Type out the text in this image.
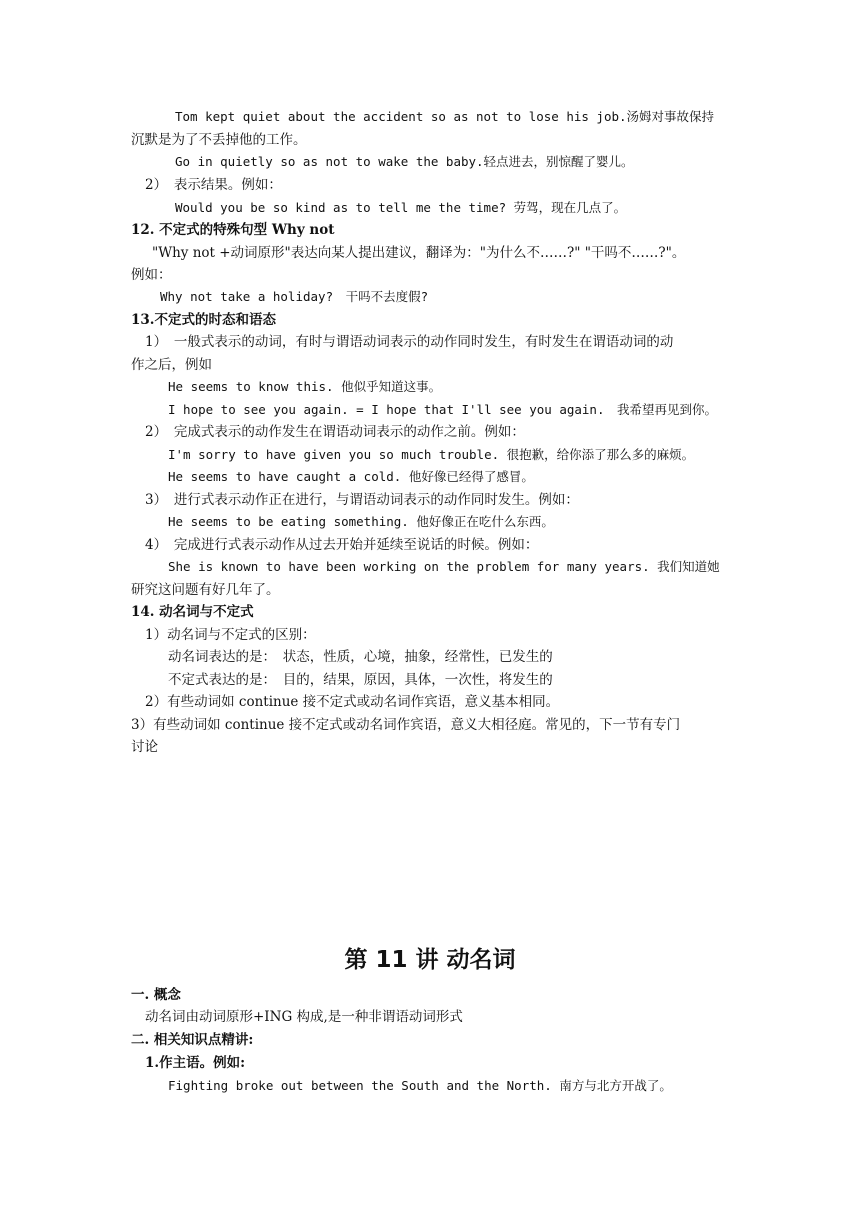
Tom kept quiet about the accident so as not to lose his job.汤姆对事故保持
沉默是为了不丢掉他的工作。
Go in quietly so as not to wake the baby.轻点进去，别惊醒了婴儿。
2）　表示结果。例如：
Would you be so kind as to tell me the time? 劳驾，现在几点了。
12. 不定式的特殊句型 Why not
"Why not +动词原形"表达向某人提出建议，翻译为："为什么不……?" "干吗不……?"。
例如：
Why not take a holiday?　干吗不去度假?
13.不定式的时态和语态
1）　一般式表示的动词，有时与谓语动词表示的动作同时发生，有时发生在谓语动词的动
作之后，例如
He seems to know this. 他似乎知道这事。
I hope to see you again. = I hope that I'll see you again.　我希望再见到你。
2）　完成式表示的动作发生在谓语动词表示的动作之前。例如：
I'm sorry to have given you so much trouble. 很抱歉，给你添了那么多的麻烦。
He seems to have caught a cold. 他好像已经得了感冒。
3）　进行式表示动作正在进行，与谓语动词表示的动作同时发生。例如：
He seems to be eating something. 他好像正在吃什么东西。
4）　完成进行式表示动作从过去开始并延续至说话的时候。例如：
She is known to have been working on the problem for many years. 我们知道她
研究这问题有好几年了。
14. 动名词与不定式
1）动名词与不定式的区别：
动名词表达的是：　状态，性质，心境，抽象，经常性，已发生的
不定式表达的是：　目的，结果，原因，具体，一次性，将发生的
2）有些动词如 continue 接不定式或动名词作宾语，意义基本相同。
3）有些动词如 continue 接不定式或动名词作宾语，意义大相径庭。常见的，下一节有专门
讨论
第 11 讲 动名词
一. 概念
动名词由动词原形+ING 构成,是一种非谓语动词形式
二. 相关知识点精讲:
1.作主语。例如:
Fighting broke out between the South and the North. 南方与北方开战了。
